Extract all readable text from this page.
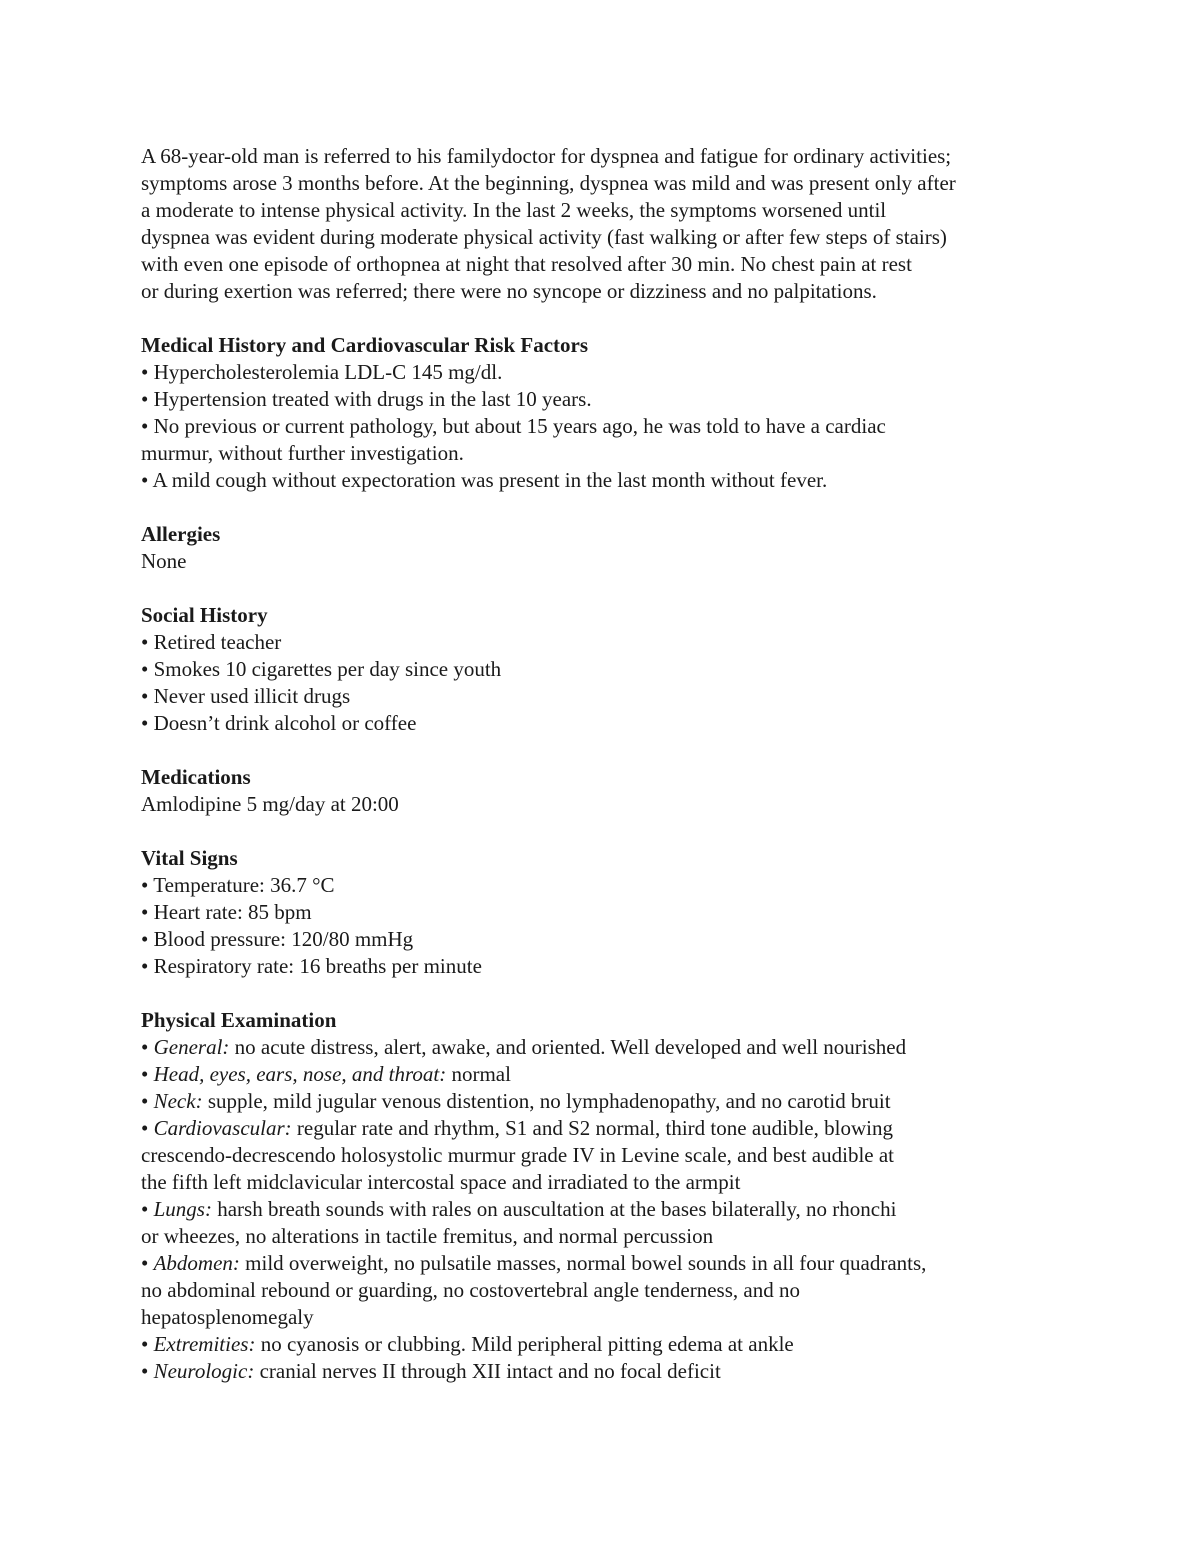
A 68-year-old man is referred to his familydoctor for dyspnea and fatigue for ordinary activities;
symptoms arose 3 months before. At the beginning, dyspnea was mild and was present only after
a moderate to intense physical activity. In the last 2 weeks, the symptoms worsened until
dyspnea was evident during moderate physical activity (fast walking or after few steps of stairs)
with even one episode of orthopnea at night that resolved after 30 min. No chest pain at rest
or during exertion was referred; there were no syncope or dizziness and no palpitations.
Medical History and Cardiovascular Risk Factors
• Hypercholesterolemia LDL-C 145 mg/dl.
• Hypertension treated with drugs in the last 10 years.
• No previous or current pathology, but about 15 years ago, he was told to have a cardiac
murmur, without further investigation.
• A mild cough without expectoration was present in the last month without fever.
Allergies
None
Social History
• Retired teacher
• Smokes 10 cigarettes per day since youth
• Never used illicit drugs
• Doesn’t drink alcohol or coffee
Medications
Amlodipine 5 mg/day at 20:00
Vital Signs
• Temperature: 36.7 °C
• Heart rate: 85 bpm
• Blood pressure: 120/80 mmHg
• Respiratory rate: 16 breaths per minute
Physical Examination
• General: no acute distress, alert, awake, and oriented. Well developed and well nourished
• Head, eyes, ears, nose, and throat: normal
• Neck: supple, mild jugular venous distention, no lymphadenopathy, and no carotid bruit
• Cardiovascular: regular rate and rhythm, S1 and S2 normal, third tone audible, blowing
crescendo-decrescendo holosystolic murmur grade IV in Levine scale, and best audible at
the fifth left midclavicular intercostal space and irradiated to the armpit
• Lungs: harsh breath sounds with rales on auscultation at the bases bilaterally, no rhonchi
or wheezes, no alterations in tactile fremitus, and normal percussion
• Abdomen: mild overweight, no pulsatile masses, normal bowel sounds in all four quadrants,
no abdominal rebound or guarding, no costovertebral angle tenderness, and no
hepatosplenomegaly
• Extremities: no cyanosis or clubbing. Mild peripheral pitting edema at ankle
• Neurologic: cranial nerves II through XII intact and no focal deficit
